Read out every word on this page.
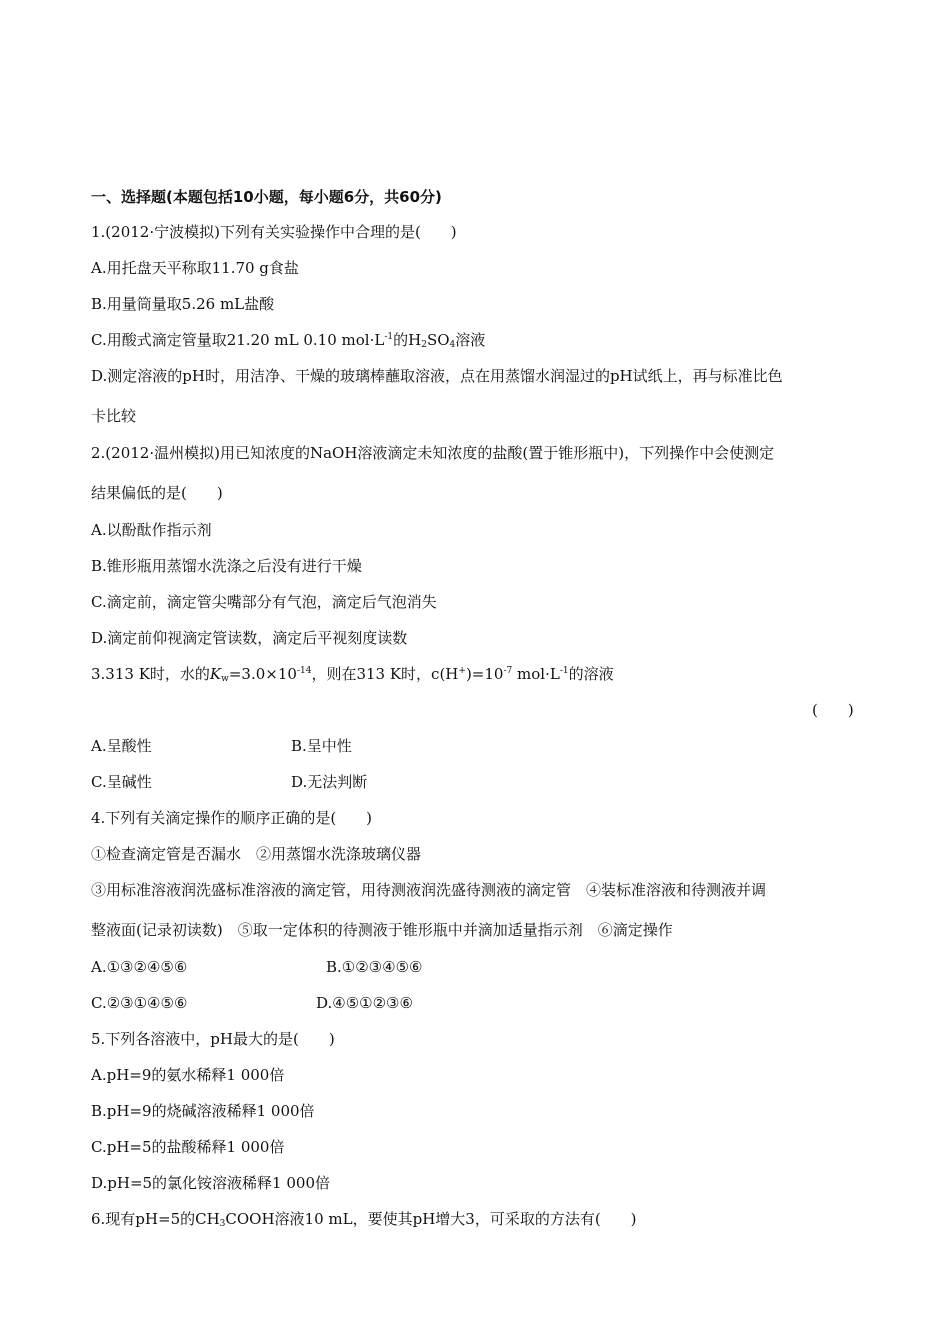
一、选择题(本题包括10小题，每小题6分，共60分)
1.(2012·宁波模拟)下列有关实验操作中合理的是(　　)
A.用托盘天平称取11.70 g食盐
B.用量筒量取5.26 mL盐酸
C.用酸式滴定管量取21.20 mL 0.10 $mol\cdot L^{-1}$的$H_2SO_4$溶液
D.测定溶液的pH时，用洁净、干燥的玻璃棒蘸取溶液，点在用蒸馏水润湿过的pH试纸上，再与标准比色
卡比较
2.(2012·温州模拟)用已知浓度的NaOH溶液滴定未知浓度的盐酸(置于锥形瓶中)，下列操作中会使测定
结果偏低的是(　　)
A.以酚酞作指示剂
B.锥形瓶用蒸馏水洗涤之后没有进行干燥
C.滴定前，滴定管尖嘴部分有气泡，滴定后气泡消失
D.滴定前仰视滴定管读数，滴定后平视刻度读数
3.313 K时，水的$K_w=3.0\times 10^{-14}$，则在313 K时，$c(H^+)=10^{-7}$ $mol\cdot L^{-1}$的溶液
(　　)
A.呈酸性	B.呈中性
C.呈碱性	D.无法判断
4.下列有关滴定操作的顺序正确的是(　　)
①检查滴定管是否漏水　②用蒸馏水洗涤玻璃仪器
③用标准溶液润洗盛标准溶液的滴定管，用待测液润洗盛待测液的滴定管　④装标准溶液和待测液并调
整液面(记录初读数)　⑤取一定体积的待测液于锥形瓶中并滴加适量指示剂　⑥滴定操作
A.①③②④⑤⑥	B.①②③④⑤⑥
C.②③①④⑤⑥	D.④⑤①②③⑥
5.下列各溶液中，pH最大的是(　　)
A.pH=9的氨水稀释1 000倍
B.pH=9的烧碱溶液稀释1 000倍
C.pH=5的盐酸稀释1 000倍
D.pH=5的氯化铵溶液稀释1 000倍
6.现有pH=5的$CH_3COOH$溶液10 mL，要使其pH增大3，可采取的方法有(　　)
